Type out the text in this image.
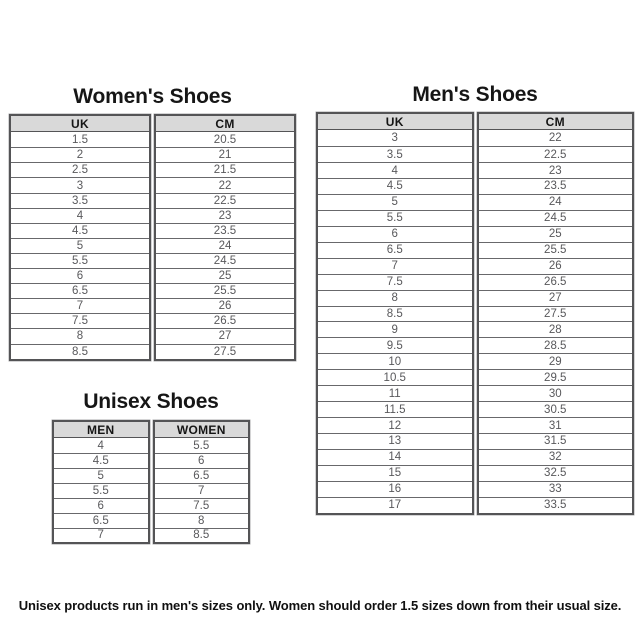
Women's Shoes
UK
1.5
2
2.5
3
3.5
4
4.5
5
5.5
6
6.5
7
7.5
8
8.5
CM
20.5
21
21.5
22
22.5
23
23.5
24
24.5
25
25.5
26
26.5
27
27.5
Men's Shoes
UK
3
3.5
4
4.5
5
5.5
6
6.5
7
7.5
8
8.5
9
9.5
10
10.5
11
11.5
12
13
14
15
16
17
CM
22
22.5
23
23.5
24
24.5
25
25.5
26
26.5
27
27.5
28
28.5
29
29.5
30
30.5
31
31.5
32
32.5
33
33.5
Unisex Shoes
MEN
4
4.5
5
5.5
6
6.5
7
WOMEN
5.5
6
6.5
7
7.5
8
8.5
Unisex products run in men's sizes only. Women should order 1.5 sizes down from their usual size.
